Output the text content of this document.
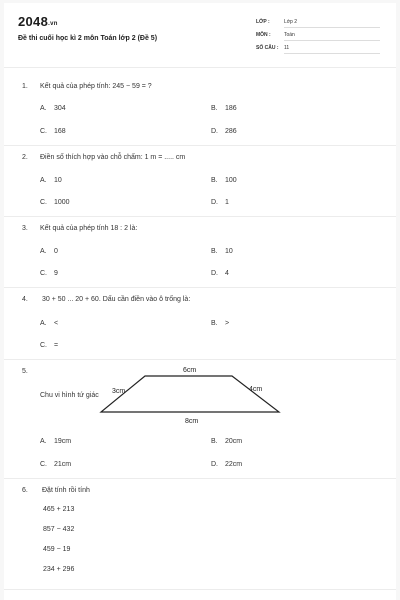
2048.vn
Đề thi cuối học kì 2 môn Toán lớp 2 (Đề 5)
LỚP :	Lớp 2
MÔN :	Toán
SỐ CÂU :	11
1. Kết quả của phép tính: 245 − 59 = ?
A. 304	B. 186
C. 168	D. 286
2. Điền số thích hợp vào chỗ chấm: 1 m = ..... cm
A. 10	B. 100
C. 1000	D. 1
3. Kết quả của phép tính 18 : 2 là:
A. 0	B. 10
C. 9	D. 4
4. 30 + 50 ... 20 + 60. Dấu cần điền vào ô trống là:
A. <	B. >
C. =
5.
Chu vi hình tứ giác
6cm
3cm	4cm
8cm
A. 19cm	B. 20cm
C. 21cm	D. 22cm
6. Đặt tính rồi tính
465 + 213
857 − 432
459 − 19
234 + 296
